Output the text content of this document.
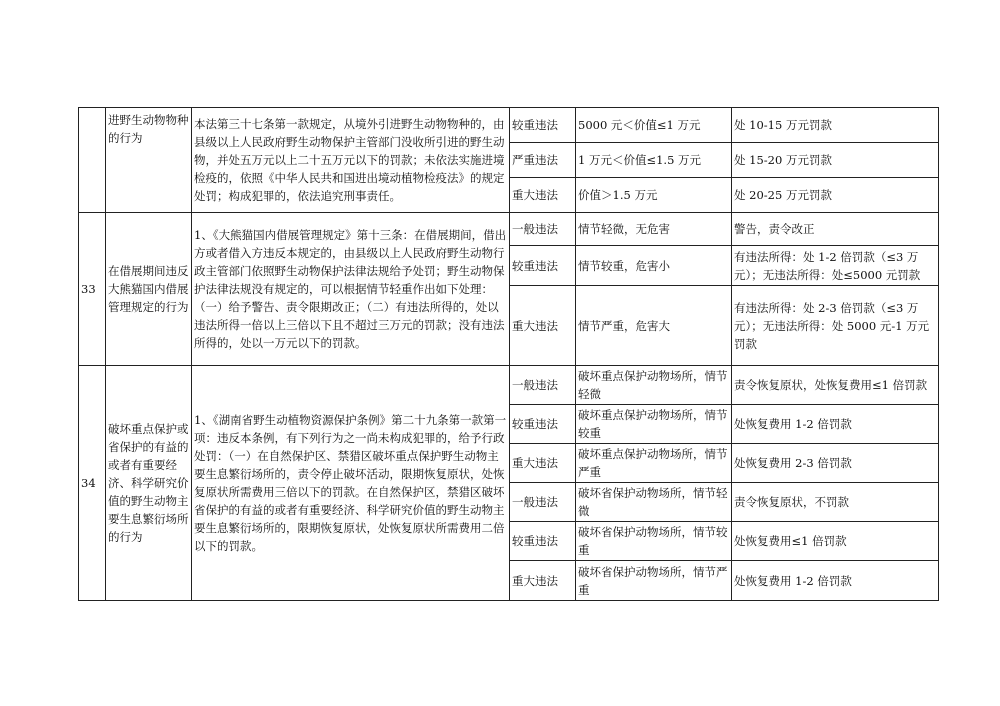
	进野生动物物种的行为	本法第三十七条第一款规定，从境外引进野生动物物种的，由县级以上人民政府野生动物保护主管部门没收所引进的野生动物，并处五万元以上二十五万元以下的罚款；未依法实施进境检疫的，依照《中华人民共和国进出境动植物检疫法》的规定处罚；构成犯罪的，依法追究刑事责任。	较重违法	5000 元＜价值≤1 万元	处 10-15 万元罚款
			严重违法	1 万元＜价值≤1.5 万元	处 15-20 万元罚款
			重大违法	价值＞1.5 万元	处 20-25 万元罚款
33	在借展期间违反大熊猫国内借展管理规定的行为	1、《大熊猫国内借展管理规定》第十三条：在借展期间，借出方或者借入方违反本规定的，由县级以上人民政府野生动物行政主管部门依照野生动物保护法律法规给予处罚；野生动物保护法律法规没有规定的，可以根据情节轻重作出如下处理：（一）给予警告、责令限期改正；（二）有违法所得的，处以违法所得一倍以上三倍以下且不超过三万元的罚款；没有违法所得的，处以一万元以下的罚款。	一般违法	情节轻微，无危害	警告，责令改正
			较重违法	情节较重，危害小	有违法所得：处 1-2 倍罚款（≤3 万元）；无违法所得：处≤5000 元罚款
			重大违法	情节严重，危害大	有违法所得：处 2-3 倍罚款（≤3 万元）；无违法所得：处 5000 元-1 万元罚款
34	破坏重点保护或省保护的有益的或者有重要经济、科学研究价值的野生动物主要生息繁衍场所的行为	1、《湖南省野生动植物资源保护条例》第二十九条第一款第一项：违反本条例，有下列行为之一尚未构成犯罪的，给予行政处罚：（一）在自然保护区、禁猎区破坏重点保护野生动物主要生息繁衍场所的，责令停止破坏活动，限期恢复原状，处恢复原状所需费用三倍以下的罚款。在自然保护区，禁猎区破坏省保护的有益的或者有重要经济、科学研究价值的野生动物主要生息繁衍场所的，限期恢复原状，处恢复原状所需费用二倍以下的罚款。	一般违法	破坏重点保护动物场所，情节轻微	责令恢复原状，处恢复费用≤1 倍罚款
			较重违法	破坏重点保护动物场所，情节较重	处恢复费用 1-2 倍罚款
			重大违法	破坏重点保护动物场所，情节严重	处恢复费用 2-3 倍罚款
			一般违法	破坏省保护动物场所，情节轻微	责令恢复原状，不罚款
			较重违法	破坏省保护动物场所，情节较重	处恢复费用≤1 倍罚款
			重大违法	破坏省保护动物场所，情节严重	处恢复费用 1-2 倍罚款
